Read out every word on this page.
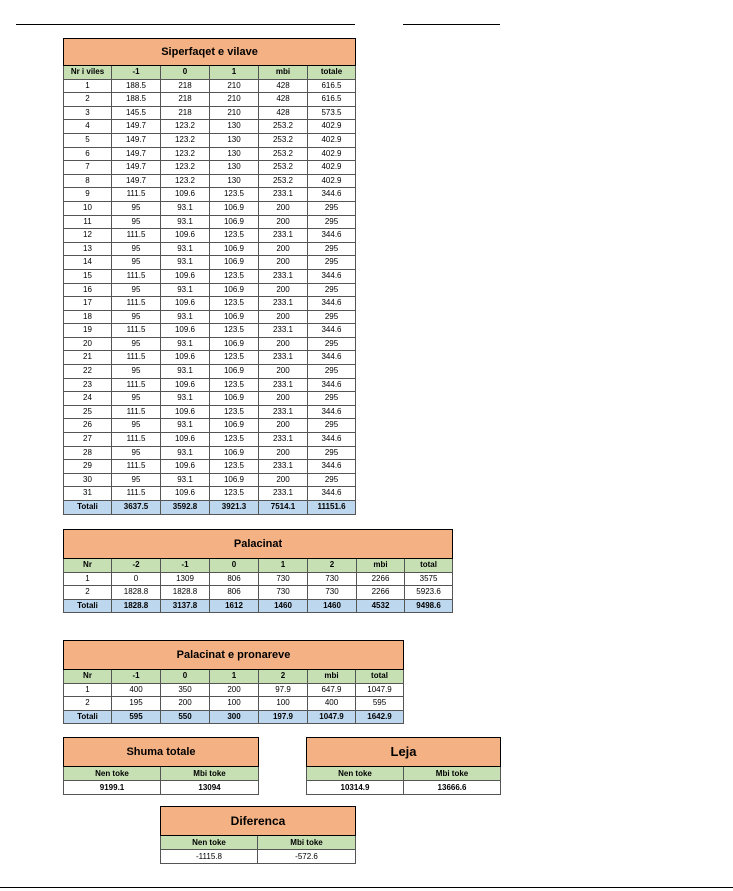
Siperfaqet e vilave					
Nr i viles	-1	0	1	mbi	totale
1	188.5	218	210	428	616.5
2	188.5	218	210	428	616.5
3	145.5	218	210	428	573.5
4	149.7	123.2	130	253.2	402.9
5	149.7	123.2	130	253.2	402.9
6	149.7	123.2	130	253.2	402.9
7	149.7	123.2	130	253.2	402.9
8	149.7	123.2	130	253.2	402.9
9	111.5	109.6	123.5	233.1	344.6
10	95	93.1	106.9	200	295
11	95	93.1	106.9	200	295
12	111.5	109.6	123.5	233.1	344.6
13	95	93.1	106.9	200	295
14	95	93.1	106.9	200	295
15	111.5	109.6	123.5	233.1	344.6
16	95	93.1	106.9	200	295
17	111.5	109.6	123.5	233.1	344.6
18	95	93.1	106.9	200	295
19	111.5	109.6	123.5	233.1	344.6
20	95	93.1	106.9	200	295
21	111.5	109.6	123.5	233.1	344.6
22	95	93.1	106.9	200	295
23	111.5	109.6	123.5	233.1	344.6
24	95	93.1	106.9	200	295
25	111.5	109.6	123.5	233.1	344.6
26	95	93.1	106.9	200	295
27	111.5	109.6	123.5	233.1	344.6
28	95	93.1	106.9	200	295
29	111.5	109.6	123.5	233.1	344.6
30	95	93.1	106.9	200	295
31	111.5	109.6	123.5	233.1	344.6
Totali	3637.5	3592.8	3921.3	7514.1	11151.6
Palacinat							
Nr	-2	-1	0	1	2	mbi	total
1	0	1309	806	730	730	2266	3575
2	1828.8	1828.8	806	730	730	2266	5923.6
Totali	1828.8	3137.8	1612	1460	1460	4532	9498.6
Palacinat e pronareve						
Nr	-1	0	1	2	mbi	total
1	400	350	200	97.9	647.9	1047.9
2	195	200	100	100	400	595
Totali	595	550	300	197.9	1047.9	1642.9
Shuma totale	
Nen toke	Mbi toke
9199.1	13094
Leja	
Nen toke	Mbi toke
10314.9	13666.6
Diferenca	
Nen toke	Mbi toke
-1115.8	-572.6
